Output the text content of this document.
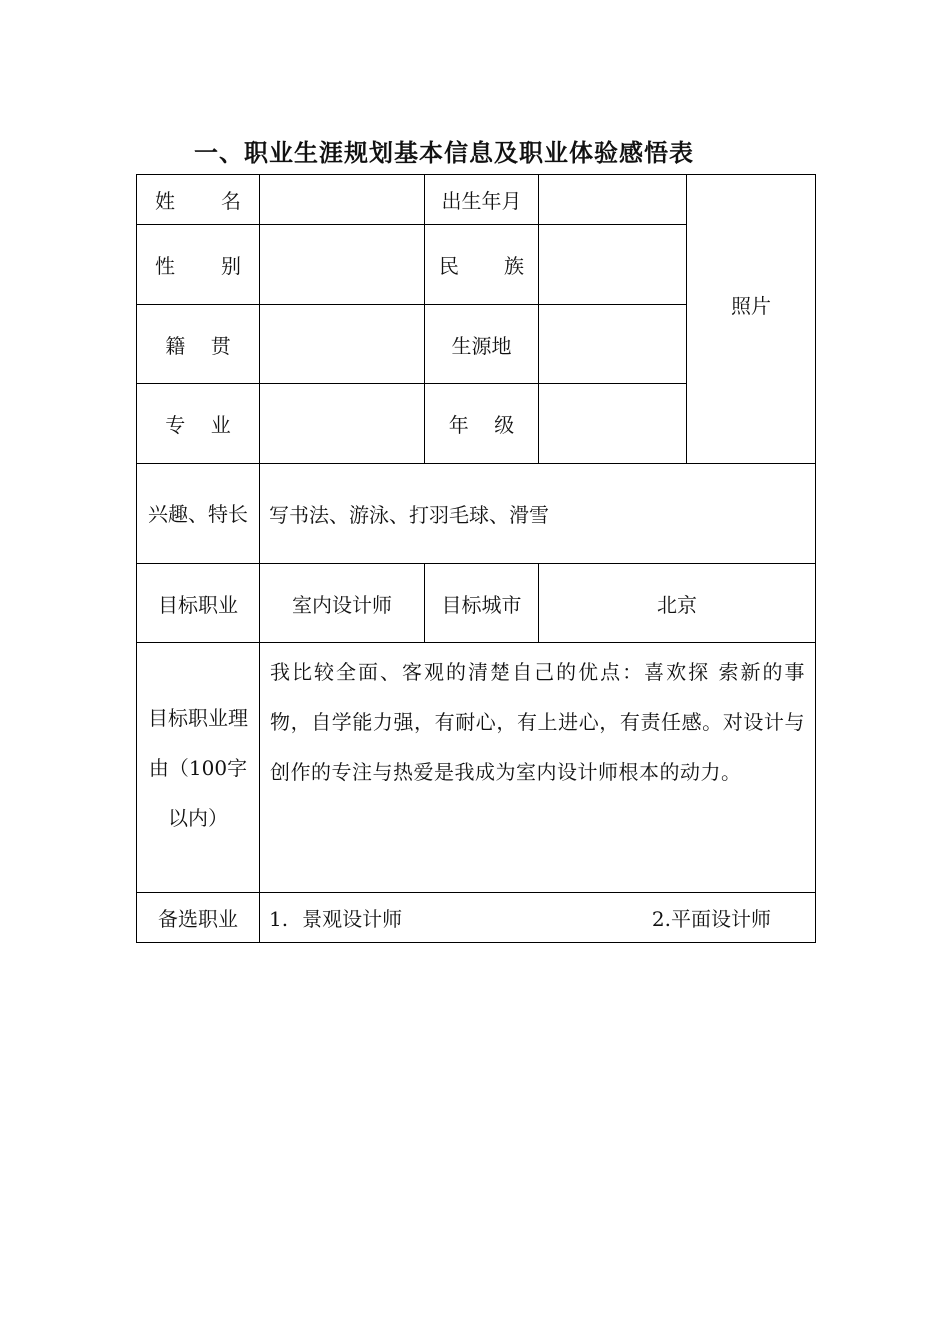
一、职业生涯规划基本信息及职业体验感悟表
姓 名		出生年月		照片

性 别		民 族		

籍 贯		生源地		
专 业		年 级		
兴趣、特长	写书法、游泳、打羽毛球、滑雪			
目标职业	室内设计师	目标城市	北京	
目标职业理由（100字以内）	我比较全面、客观的清楚自己的优点：喜欢探 索新的事物，自学能力强，有耐心，有上进心，有责任感。对设计与创作的专注与热爱是我成为室内设计师根本的动力。			
备选职业	1. 景观设计师 2.平面设计师			
